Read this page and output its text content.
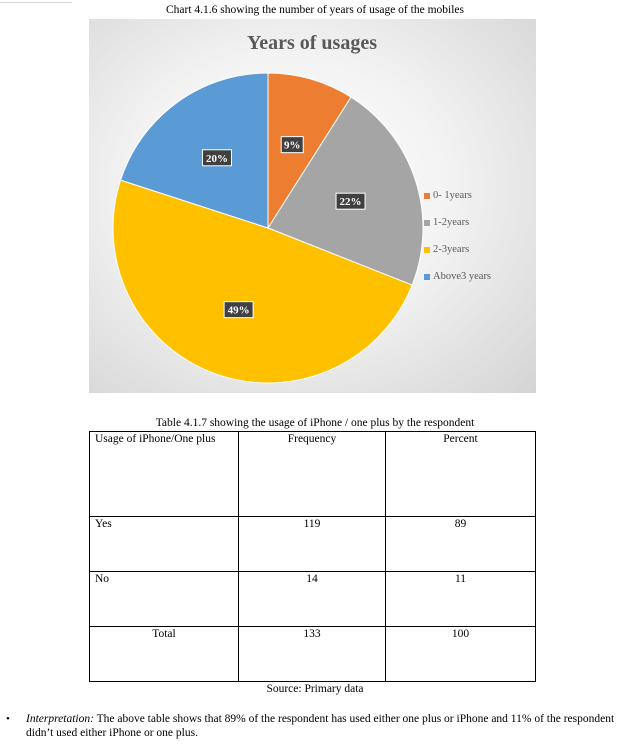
Chart 4.1.6 showing the number of years of usage of the mobiles
Years of usages
9%
22%
49%
20%
0- 1years
1-2years
2-3years
Above3 years
Table 4.1.7 showing the usage of iPhone / one plus by the respondent
Usage of iPhone/One plus	Frequency	Percent
Yes	119	89
No	14	11
Total	133	100
Source: Primary data
• Interpretation: The above table shows that 89% of the respondent has used either one plus or iPhone and 11% of the respondent didn’t used either iPhone or one plus.
